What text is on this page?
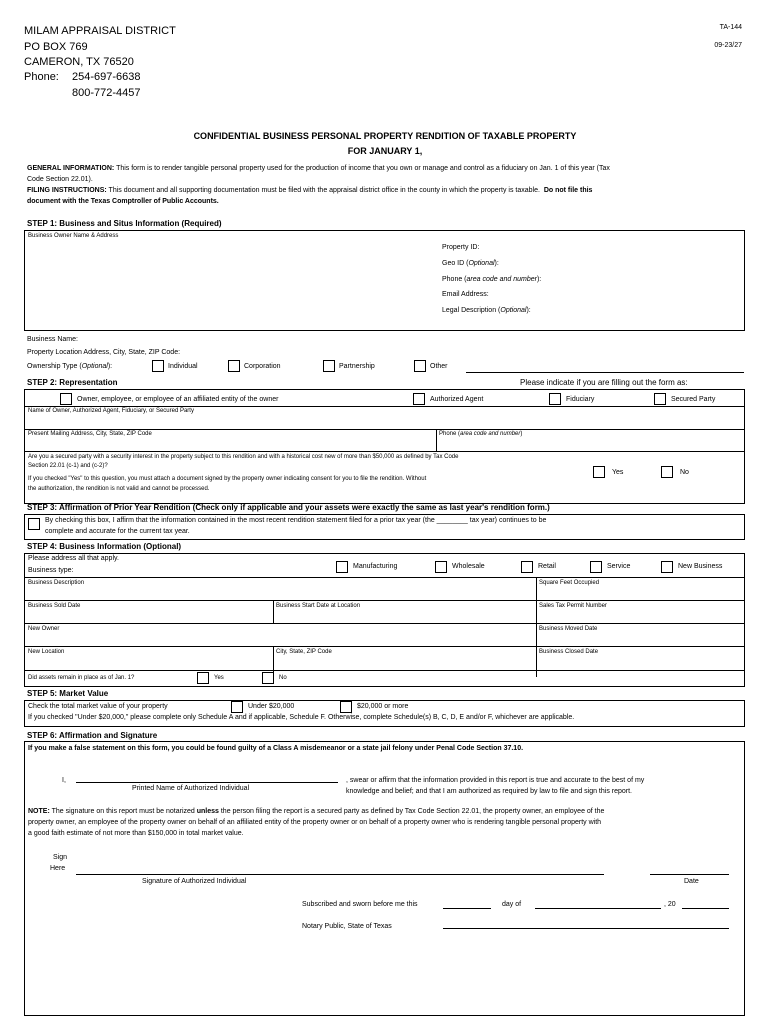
MILAM APPRAISAL DISTRICT
PO BOX 769
CAMERON, TX 76520
Phone: 254-697-6638
800-772-4457
TA-144
09-23/27
CONFIDENTIAL BUSINESS PERSONAL PROPERTY RENDITION OF TAXABLE PROPERTY
FOR JANUARY 1,
GENERAL INFORMATION: This form is to render tangible personal property used for the production of income that you own or manage and control as a fiduciary on Jan. 1 of this year (Tax
Code Section 22.01).
FILING INSTRUCTIONS: This document and all supporting documentation must be filed with the appraisal district office in the county in which the property is taxable. Do not file this
document with the Texas Comptroller of Public Accounts.
STEP 1: Business and Situs Information (Required)
Business Owner Name & Address
Property ID:
Geo ID (Optional):
Phone (area code and number):
Email Address:
Legal Description (Optional):
Business Name:
Property Location Address, City, State, ZIP Code:
Ownership Type (Optional):	Individual	Corporation	Partnership	Other
STEP 2: Representation	Please indicate if you are filling out the form as:
Owner, employee, or employee of an affiliated entity of the owner	Authorized Agent	Fiduciary	Secured Party
Name of Owner, Authorized Agent, Fiduciary, or Secured Party
Present Mailing Address, City, State, ZIP Code	Phone (area code and number)
Are you a secured party with a security interest in the property subject to this rendition and with a historical cost new of more than $50,000 as defined by Tax Code
Section 22.01 (c-1) and (c-2)?
If you checked "Yes" to this question, you must attach a document signed by the property owner indicating consent for you to file the rendition. Without
the authorization, the rendition is not valid and cannot be processed.
Yes	No
STEP 3: Affirmation of Prior Year Rendition (Check only if applicable and your assets were exactly the same as last year's rendition form.)
By checking this box, I affirm that the information contained in the most recent rendition statement filed for a prior tax year (the ________ tax year) continues to be
complete and accurate for the current tax year.
STEP 4: Business Information (Optional)
Please address all that apply.
Business type:
Manufacturing	Wholesale	Retail	Service	New Business
Business Description	Square Feet Occupied
Business Sold Date	Business Start Date at Location	Sales Tax Permit Number
New Owner	Business Moved Date
New Location	City, State, ZIP Code	Business Closed Date
Did assets remain in place as of Jan. 1?	Yes	No
STEP 5: Market Value
Check the total market value of your property	Under $20,000	$20,000 or more
If you checked "Under $20,000," please complete only Schedule A and if applicable, Schedule F. Otherwise, complete Schedule(s) B, C, D, E and/or F, whichever are applicable.
STEP 6: Affirmation and Signature
If you make a false statement on this form, you could be found guilty of a Class A misdemeanor or a state jail felony under Penal Code Section 37.10.
I,
Printed Name of Authorized Individual
, swear or affirm that the information provided in this report is true and accurate to the best of my
knowledge and belief; and that I am authorized as required by law to file and sign this report.
NOTE: The signature on this report must be notarized unless the person filing the report is a secured party as defined by Tax Code Section 22.01, the property owner, an employee of the
property owner, an employee of the property owner on behalf of an affiliated entity of the property owner or on behalf of a property owner who is rendering tangible personal property with
a good faith estimate of not more than $150,000 in total market value.
Sign
Here
Signature of Authorized Individual	Date
Subscribed and sworn before me this	day of	, 20
Notary Public, State of Texas
